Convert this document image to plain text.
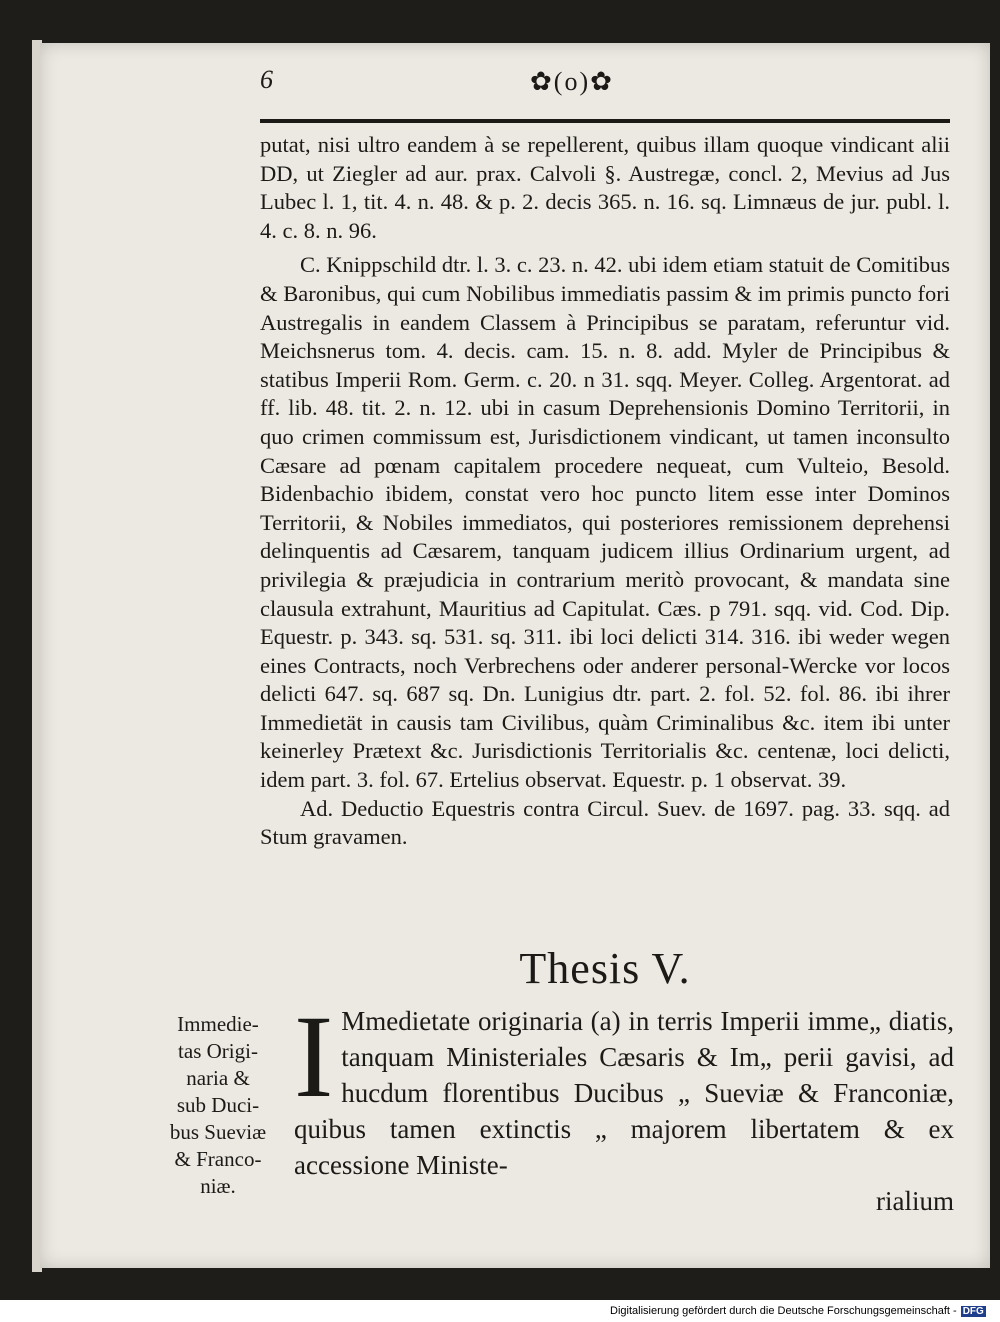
6	✿(o)✿

putat, nisi ultro eandem à se repellerent, quibus illam quoque vindicant alii DD, ut Ziegler ad aur. prax. Calvoli §. Austregæ, concl. 2, Mevius ad Jus Lubec l. 1, tit. 4. n. 48. & p. 2. decis 365. n. 16. sq. Limnæus de jur. publ. l. 4. c. 8. n. 96.

C. Knippschild dtr. l. 3. c. 23. n. 42. ubi idem etiam statuit de Comitibus & Baronibus, qui cum Nobilibus immediatis passim & im primis puncto fori Austregalis in eandem Classem à Principibus se paratam, referuntur vid. Meichsnerus tom. 4. decis. cam. 15. n. 8. add. Myler de Principibus & statibus Imperii Rom. Germ. c. 20. n 31. sqq. Meyer. Colleg. Argentorat. ad ff. lib. 48. tit. 2. n. 12. ubi in casum Deprehensionis Domino Territorii, in quo crimen commissum est, Jurisdictionem vindicant, ut tamen inconsulto Cæsare ad pœnam capitalem procedere nequeat, cum Vulteio, Besold. Bidenbachio ibidem, constat vero hoc puncto litem esse inter Dominos Territorii, & Nobiles immediatos, qui posteriores remissionem deprehensi delinquentis ad Cæsarem, tanquam judicem illius Ordinarium urgent, ad privilegia & præjudicia in contrarium meritò provocant, & mandata sine clausula extrahunt, Mauritius ad Capitulat. Cæs. p 791. sqq. vid. Cod. Dip. Equestr. p. 343. sq. 531. sq. 311. ibi loci delicti 314. 316. ibi weder wegen eines Contracts, noch Verbrechens oder anderer personal-Wercke vor locos delicti 647. sq. 687 sq. Dn. Lunigius dtr. part. 2. fol. 52. fol. 86. ibi ihrer Immedietät in causis tam Civilibus, quàm Criminalibus &c. item ibi unter keinerley Prætext &c. Jurisdictionis Territorialis &c. centenæ, loci delicti, idem part. 3. fol. 67. Ertelius observat. Equestr. p. 1 observat. 39.

Ad. Deductio Equestris contra Circul. Suev. de 1697. pag. 33. sqq. ad Stum gravamen.

Thesis V.
Immedie-
tas Origi-
naria &
sub Duci-
bus Sueviæ
& Franco-
niæ.
I Mmedietate originaria (a) in terris Imperii imme„ diatis, tanquam Ministeriales Cæsaris & Im„ perii gavisi, ad hucdum florentibus Ducibus „ Sueviæ & Franconiæ, quibus tamen extinctis „ majorem libertatem & ex accessione Ministe-

rialium

Digitalisierung gefördert durch die Deutsche Forschungsgemeinschaft - DFG
